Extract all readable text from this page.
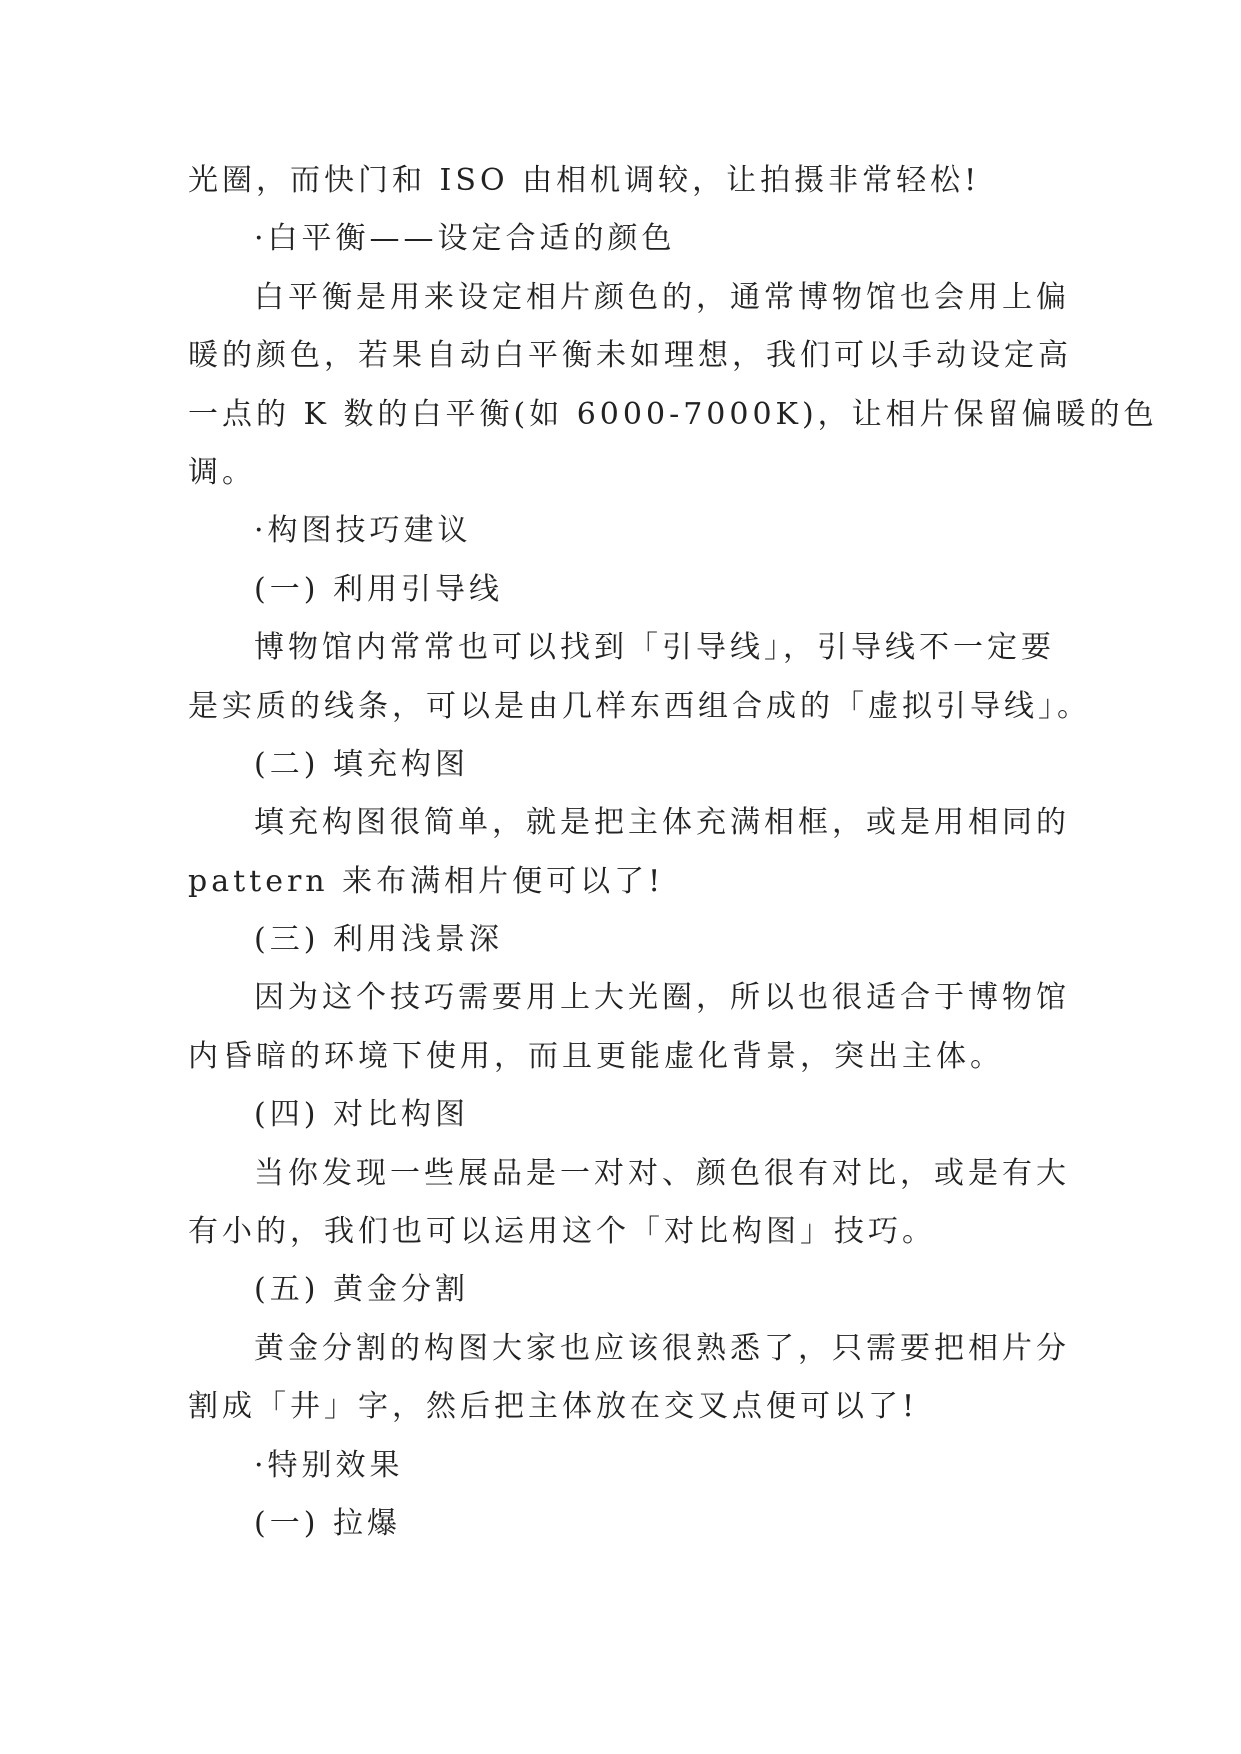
光圈，而快门和 ISO 由相机调较，让拍摄非常轻松!
·白平衡——设定合适的颜色
白平衡是用来设定相片颜色的，通常博物馆也会用上偏
暖的颜色，若果自动白平衡未如理想，我们可以手动设定高
一点的 K 数的白平衡(如 6000-7000K)，让相片保留偏暖的色
调。
·构图技巧建议
(一) 利用引导线
博物馆内常常也可以找到「引导线」，引导线不一定要
是实质的线条，可以是由几样东西组合成的「虚拟引导线」。
(二) 填充构图
填充构图很简单，就是把主体充满相框，或是用相同的
pattern 来布满相片便可以了!
(三) 利用浅景深
因为这个技巧需要用上大光圈，所以也很适合于博物馆
内昏暗的环境下使用，而且更能虚化背景，突出主体。
(四) 对比构图
当你发现一些展品是一对对、颜色很有对比，或是有大
有小的，我们也可以运用这个「对比构图」技巧。
(五) 黄金分割
黄金分割的构图大家也应该很熟悉了，只需要把相片分
割成「井」字，然后把主体放在交叉点便可以了!
·特别效果
(一) 拉爆
